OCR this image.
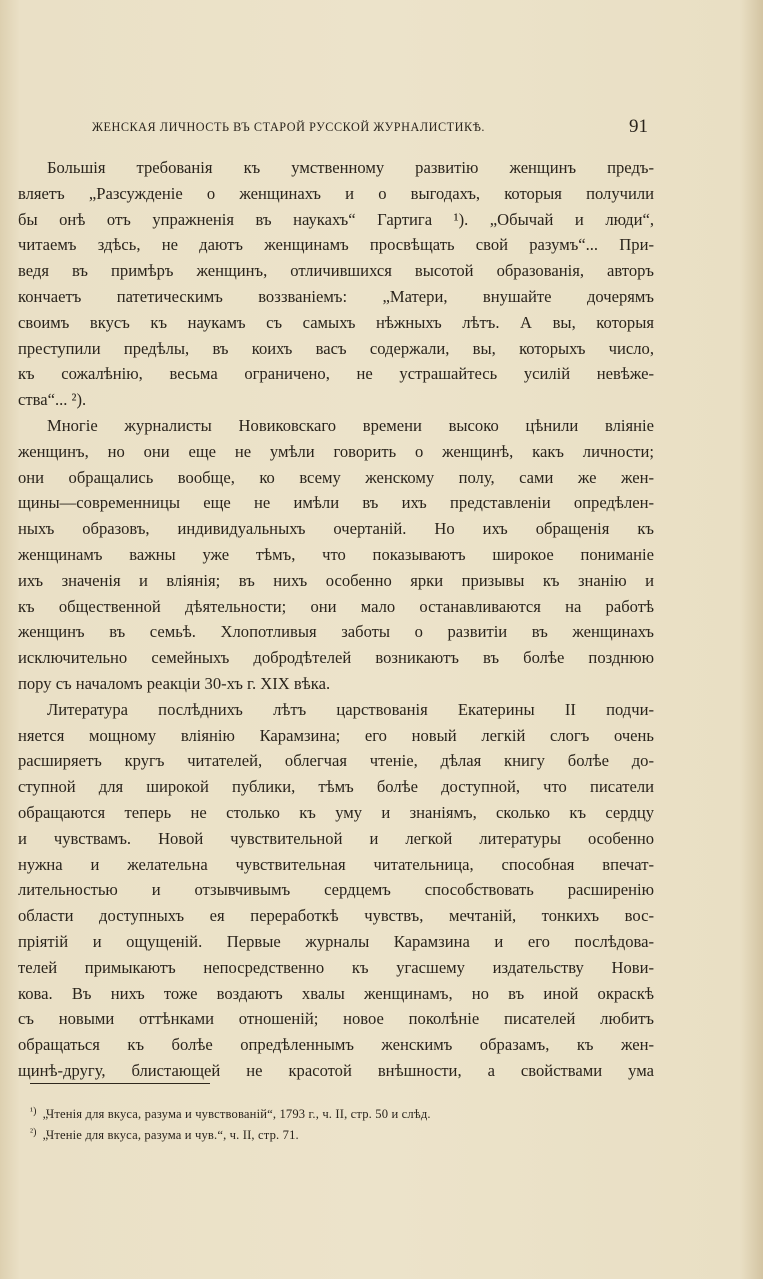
ЖЕНСКАЯ ЛИЧНОСТЬ ВЪ СТАРОЙ РУССКОЙ ЖУРНАЛИСТИКѢ.	91
Большія требованія къ умственному развитію женщинъ предъ-
вляетъ „Разсужденіе о женщинахъ и о выгодахъ, которыя получили
бы онѣ отъ упражненія въ наукахъ“ Гартига ¹). „Обычай и люди“,
читаемъ здѣсь, не даютъ женщинамъ просвѣщать свой разумъ“... При-
ведя въ примѣръ женщинъ, отличившихся высотой образованія, авторъ
кончаетъ патетическимъ воззваніемъ: „Матери, внушайте дочерямъ
своимъ вкусъ къ наукамъ съ самыхъ нѣжныхъ лѣтъ. А вы, которыя
преступили предѣлы, въ коихъ васъ содержали, вы, которыхъ число,
къ сожалѣнію, весьма ограничено, не устрашайтесь усилій невѣже-
ства“... ²).
Многіе журналисты Новиковскаго времени высоко цѣнили вліяніе
женщинъ, но они еще не умѣли говорить о женщинѣ, какъ личности;
они обращались вообще, ко всему женскому полу, сами же жен-
щины—современницы еще не имѣли въ ихъ представленіи опредѣлен-
ныхъ образовъ, индивидуальныхъ очертаній. Но ихъ обращенія къ
женщинамъ важны уже тѣмъ, что показываютъ широкое пониманіе
ихъ значенія и вліянія; въ нихъ особенно ярки призывы къ знанію и
къ общественной дѣятельности; они мало останавливаются на работѣ
женщинъ въ семьѣ. Хлопотливыя заботы о развитіи въ женщинахъ
исключительно семейныхъ добродѣтелей возникаютъ въ болѣе позднюю
пору съ началомъ реакціи 30-хъ г. XIX вѣка.
Литература послѣднихъ лѣтъ царствованія Екатерины II подчи-
няется мощному вліянію Карамзина; его новый легкій слогъ очень
расширяетъ кругъ читателей, облегчая чтеніе, дѣлая книгу болѣе до-
ступной для широкой публики, тѣмъ болѣе доступной, что писатели
обращаются теперь не столько къ уму и знаніямъ, сколько къ сердцу
и чувствамъ. Новой чувствительной и легкой литературы особенно
нужна и желательна чувствительная читательница, способная впечат-
лительностью и отзывчивымъ сердцемъ способствовать расширенію
области доступныхъ ея переработкѣ чувствъ, мечтаній, тонкихъ вос-
пріятій и ощущеній. Первые журналы Карамзина и его послѣдова-
телей примыкаютъ непосредственно къ угасшему издательству Нови-
кова. Въ нихъ тоже воздаютъ хвалы женщинамъ, но въ иной окраскѣ
съ новыми оттѣнками отношеній; новое поколѣніе писателей любитъ
обращаться къ болѣе опредѣленнымъ женскимъ образамъ, къ жен-
щинѣ-другу, блистающей не красотой внѣшности, а свойствами ума
$^{^1)}$ „Чтенія для вкуса, разума и чувствованій“, 1793 г., ч. II, стр. 50 и слѣд.
$^{^2)}$ „Чтеніе для вкуса, разума и чув.“, ч. II, стр. 71.
